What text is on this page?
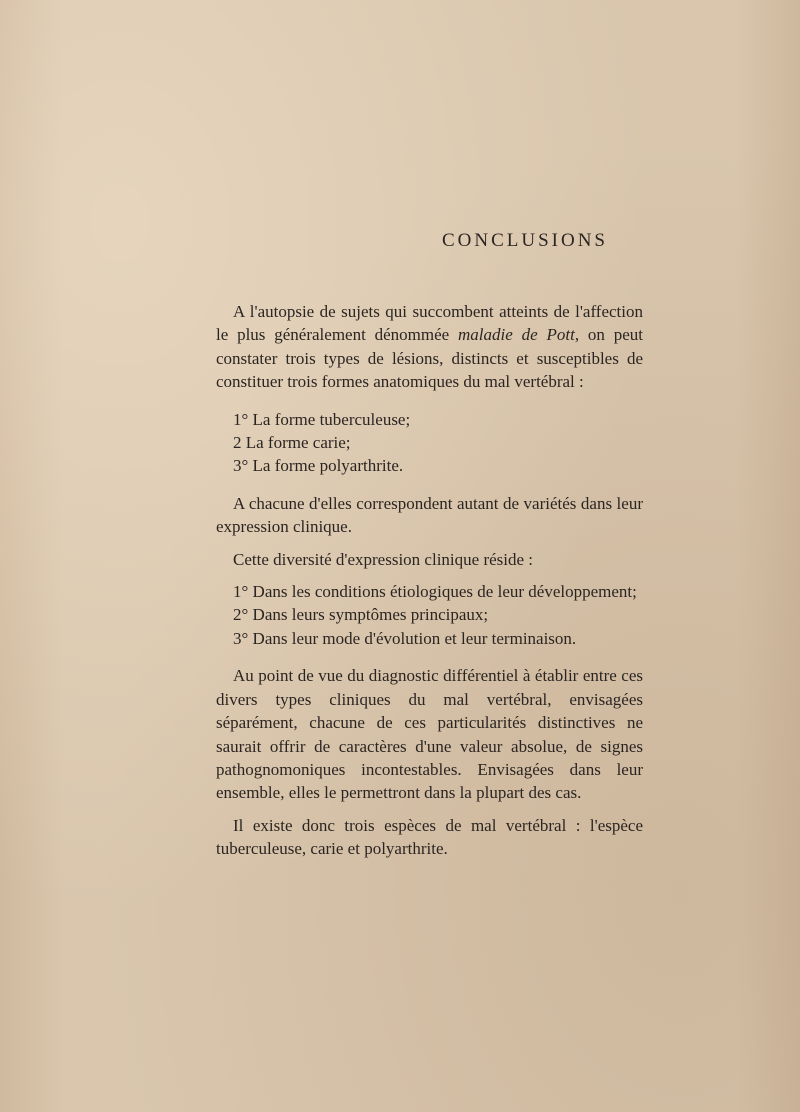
CONCLUSIONS

A l'autopsie de sujets qui succombent atteints de l'affection le plus généralement dénommée maladie de Pott, on peut constater trois types de lésions, distincts et susceptibles de constituer trois formes anatomiques du mal vertébral :

1° La forme tuberculeuse;

2 La forme carie;

3° La forme polyarthrite.

A chacune d'elles correspondent autant de variétés dans leur expression clinique.

Cette diversité d'expression clinique réside :

1° Dans les conditions étiologiques de leur développement;

2° Dans leurs symptômes principaux;

3° Dans leur mode d'évolution et leur terminaison.

Au point de vue du diagnostic différentiel à établir entre ces divers types cliniques du mal vertébral, envisagées séparément, chacune de ces particularités distinctives ne saurait offrir de caractères d'une valeur absolue, de signes pathognomoniques incontestables. Envisagées dans leur ensemble, elles le permettront dans la plupart des cas.

Il existe donc trois espèces de mal vertébral : l'espèce tuberculeuse, carie et polyarthrite.
